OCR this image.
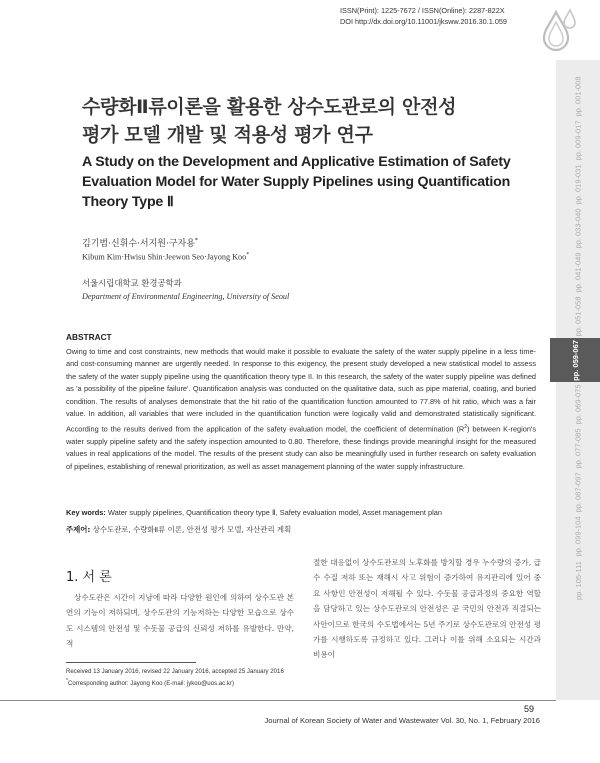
ISSN(Print): 1225-7672 / ISSN(Online): 2287-822X
DOI http://dx.doi.org/10.11001/jksww.2016.30.1.059
pp. 001-008
pp. 009-017
pp. 019-031
pp. 033-040
pp. 041-049
pp. 051-058
pp. 059-067
pp. 069-075
pp. 077-085
pp. 087-097
pp. 099-104
pp. 105-111
수량화Ⅱ류이론을 활용한 상수도관로의 안전성
평가 모델 개발 및 적용성 평가 연구
A Study on the Development and Applicative Estimation of Safety
Evaluation Model for Water Supply Pipelines using Quantification
Theory Type Ⅱ
김기범·신휘수·서지원·구자용*
Kibum Kim·Hwisu Shin·Jeewon Seo·Jayong Koo*
서울시립대학교 환경공학과
Department of Environmental Engineering, University of Seoul
ABSTRACT
Owing to time and cost constraints, new methods that would make it possible to evaluate the safety of the water supply pipeline in a less time- and cost-consuming manner are urgently needed. In response to this exigency, the present study developed a new statistical model to assess the safety of the water supply pipeline using the quantification theory type II. In this research, the safety of the water supply pipeline was defined as 'a possibility of the pipeline failure'. Quantification analysis was conducted on the qualitative data, such as pipe material, coating, and buried condition. The results of analyses demonstrate that the hit ratio of the quantification function amounted to 77.8% of hit ratio, which was a fair value. In addition, all variables that were included in the quantification function were logically valid and demonstrated statistically significant. According to the results derived from the application of the safety evaluation model, the coefficient of determination $(R^2)$ between K-region's water supply pipeline safety and the safety inspection amounted to 0.80. Therefore, these findings provide meaningful insight for the measured values in real applications of the model. The results of the present study can also be meaningfully used in further research on safety evaluation of pipelines, establishing of renewal prioritization, as well as asset management planning of the water supply infrastructure.
Key words: Water supply pipelines, Quantification theory type Ⅱ, Safety evaluation model, Asset management plan
주제어: 상수도관로, 수량화Ⅱ류 이론, 안전성 평가 모델, 자산관리 계획
1. 서 론
상수도관은 시간이 지남에 따라 다양한 원인에 의하여 상수도관 본연의 기능이 저하되며, 상수도관의 기능저하는 다양한 모습으로 상수도 시스템의 안전성 및 수돗물 공급의 신뢰성 저하를 유발한다. 만약, 적
절한 대응없이 상수도관로의 노후화를 방치할 경우 누수량의 증가, 급수 수질 저하 또는 재해시 사고 위험이 증가하여 유지관리에 있어 중요 사항인 안전성이 저해될 수 있다. 수돗물 공급과정의 중요한 역할을 담당하고 있는 상수도관로의 안전성은 곧 국민의 안전과 직결되는 사안이므로 한국의 수도법에서는 5년 주기로 상수도관로의 안전성 평가를 시행하도록 규정하고 있다. 그러나 이를 위해 소요되는 시간과 비용이
Received 13 January 2016, revised 22 January 2016, accepted 25 January 2016
*Corresponding author: Jayong Koo (E-mail: jykoo@uos.ac.kr)
59
Journal of Korean Society of Water and Wastewater Vol. 30, No. 1, February 2016
